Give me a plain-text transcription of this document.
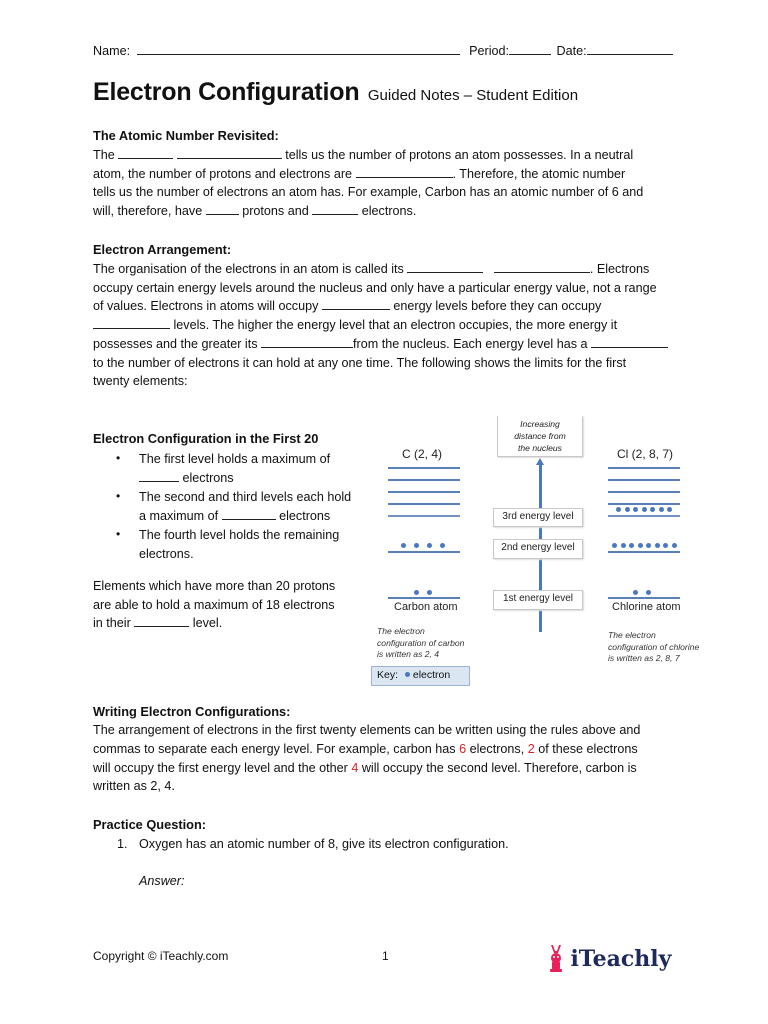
Name:	Period:	Date:
Electron Configuration Guided Notes – Student Edition
The Atomic Number Revisited:
The	tells us the number of protons an atom possesses. In a neutral
atom, the number of protons and electrons are	. Therefore, the atomic number
tells us the number of electrons an atom has. For example, Carbon has an atomic number of 6 and
will, therefore, have	protons and	electrons.
Electron Arrangement:
The organisation of the electrons in an atom is called its	. Electrons
occupy certain energy levels around the nucleus and only have a particular energy value, not a range
of values. Electrons in atoms will occupy	energy levels before they can occupy
levels. The higher the energy level that an electron occupies, the more energy it
possesses and the greater its	from the nucleus. Each energy level has a
to the number of electrons it can hold at any one time. The following shows the limits for the first
twenty elements:
Electron Configuration in the First 20
• The first level holds a maximum of
electrons
• The second and third levels each hold
a maximum of	electrons
• The fourth level holds the remaining
electrons.
Elements which have more than 20 protons
are able to hold a maximum of 18 electrons
in their	level.
Increasing
distance from
the nucleus
3rd energy level
2nd energy level
1st energy level
C (2, 4)
Carbon atom
Cl (2, 8, 7)
Chlorine atom
The electron
configuration of carbon
is written as 2, 4
The electron
configuration of chlorine
is written as 2, 8, 7
Key: electron
Writing Electron Configurations:
The arrangement of electrons in the first twenty elements can be written using the rules above and
commas to separate each energy level. For example, carbon has 6 electrons, 2 of these electrons
will occupy the first energy level and the other 4 will occupy the second level. Therefore, carbon is
written as 2, 4.
Practice Question:
1. Oxygen has an atomic number of 8, give its electron configuration.
Answer:
Copyright © iTeachly.com	1	iTeachly
